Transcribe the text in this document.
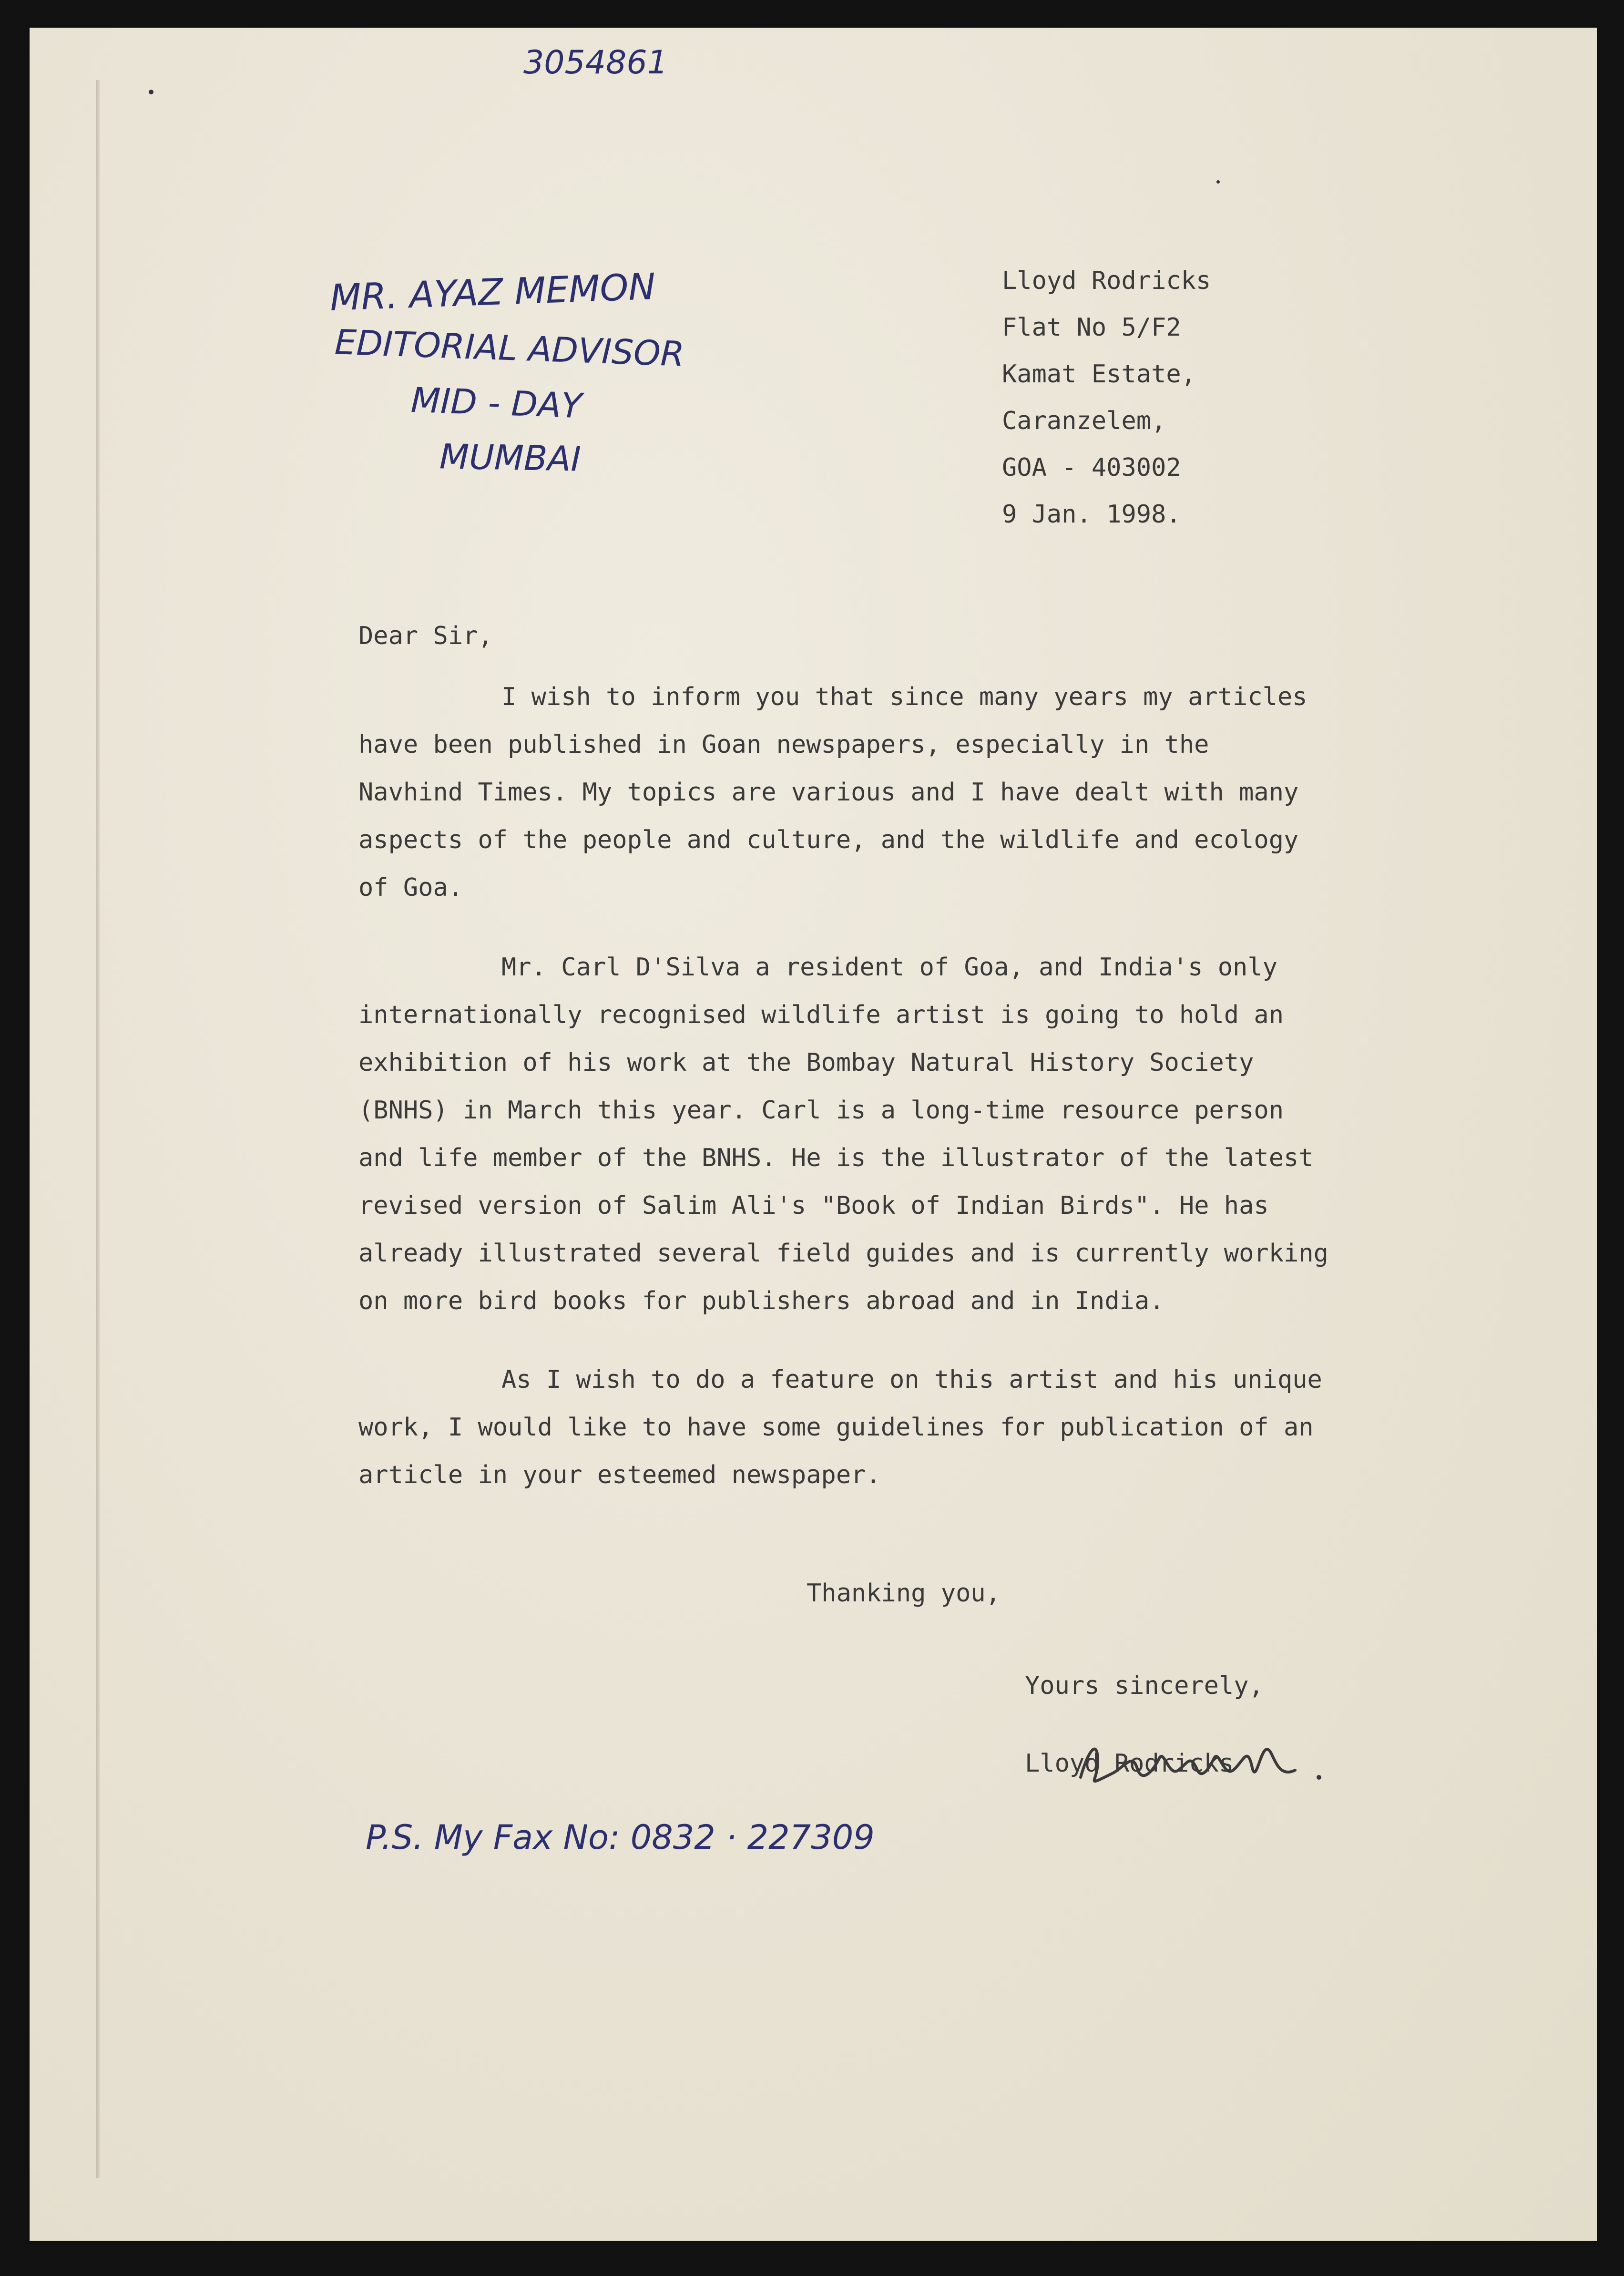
3054861
MR. AYAZ MEMON
EDITORIAL ADVISOR
MID - DAY
MUMBAI
Lloyd Rodricks
Flat No 5/F2
Kamat Estate,
Caranzelem,
GOA - 403002
9 Jan. 1998.
Dear Sir,
I wish to inform you that since many years my articles
have been published in Goan newspapers, especially in the
Navhind Times. My topics are various and I have dealt with many
aspects of the people and culture, and the wildlife and ecology
of Goa.
Mr. Carl D'Silva a resident of Goa, and India's only
internationally recognised wildlife artist is going to hold an
exhibition of his work at the Bombay Natural History Society
(BNHS) in March this year. Carl is a long-time resource person
and life member of the BNHS. He is the illustrator of the latest
revised version of Salim Ali's "Book of Indian Birds". He has
already illustrated several field guides and is currently working
on more bird books for publishers abroad and in India.
As I wish to do a feature on this artist and his unique
work, I would like to have some guidelines for publication of an
article in your esteemed newspaper.
Thanking you,
Yours sincerely,
Lloyd Rodricks
P.S. My Fax No: 0832 · 227309
